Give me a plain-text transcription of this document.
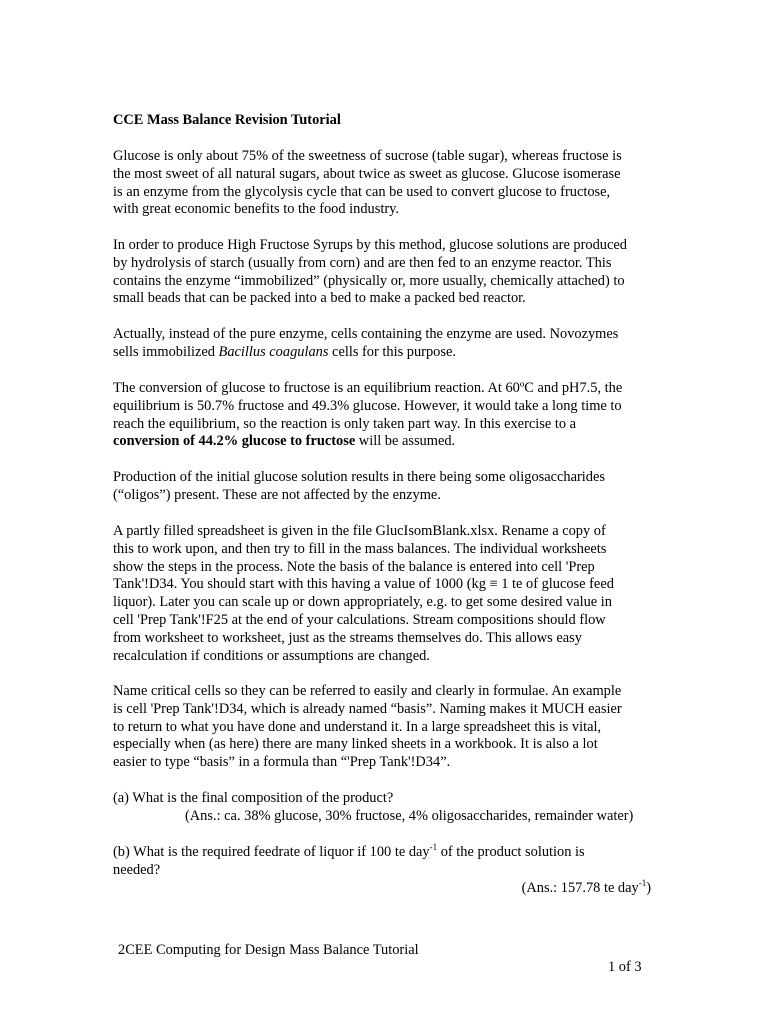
CCE Mass Balance Revision Tutorial
Glucose is only about 75% of the sweetness of sucrose (table sugar), whereas fructose is
the most sweet of all natural sugars, about twice as sweet as glucose. Glucose isomerase
is an enzyme from the glycolysis cycle that can be used to convert glucose to fructose,
with great economic benefits to the food industry.
In order to produce High Fructose Syrups by this method, glucose solutions are produced
by hydrolysis of starch (usually from corn) and are then fed to an enzyme reactor. This
contains the enzyme “immobilized” (physically or, more usually, chemically attached) to
small beads that can be packed into a bed to make a packed bed reactor.
Actually, instead of the pure enzyme, cells containing the enzyme are used. Novozymes
sells immobilized Bacillus coagulans cells for this purpose.
The conversion of glucose to fructose is an equilibrium reaction. At 60ºC and pH7.5, the
equilibrium is 50.7% fructose and 49.3% glucose. However, it would take a long time to
reach the equilibrium, so the reaction is only taken part way. In this exercise to a
conversion of 44.2% glucose to fructose will be assumed.
Production of the initial glucose solution results in there being some oligosaccharides
(“oligos”) present. These are not affected by the enzyme.
A partly filled spreadsheet is given in the file GlucIsomBlank.xlsx. Rename a copy of
this to work upon, and then try to fill in the mass balances. The individual worksheets
show the steps in the process. Note the basis of the balance is entered into cell 'Prep
Tank'!D34. You should start with this having a value of 1000 (kg ≡ 1 te of glucose feed
liquor). Later you can scale up or down appropriately, e.g. to get some desired value in
cell 'Prep Tank'!F25 at the end of your calculations. Stream compositions should flow
from worksheet to worksheet, just as the streams themselves do. This allows easy
recalculation if conditions or assumptions are changed.
Name critical cells so they can be referred to easily and clearly in formulae. An example
is cell 'Prep Tank'!D34, which is already named “basis”. Naming makes it MUCH easier
to return to what you have done and understand it. In a large spreadsheet this is vital,
especially when (as here) there are many linked sheets in a workbook. It is also a lot
easier to type “basis” in a formula than “'Prep Tank'!D34”.
(a) What is the final composition of the product?
(Ans.: ca. 38% glucose, 30% fructose, 4% oligosaccharides, remainder water)
(b) What is the required feedrate of liquor if 100 te day$^{-1}$ of the product solution is
needed?
(Ans.: 157.78 te day$^{-1}$)
2CEE Computing for Design Mass Balance Tutorial
1 of 3
